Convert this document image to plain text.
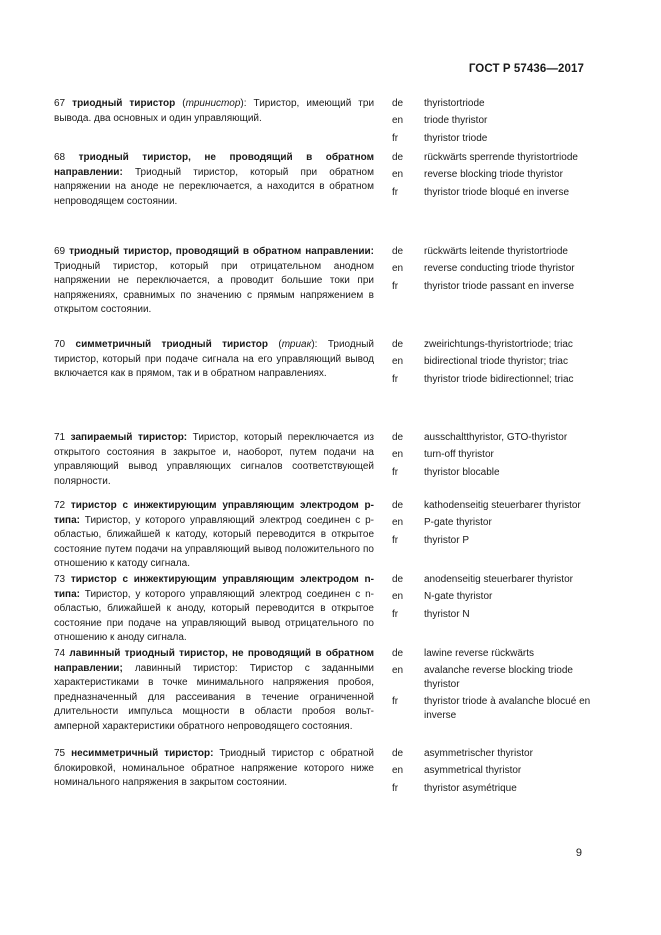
ГОСТ Р 57436—2017
67 триодный тиристор (тринистор): Тиристор, имеющий три вывода. два основных и один управляющий.
de	thyristortriode
en	triode thyristor
fr	thyristor triode
68 триодный тиристор, не проводящий в обратном направлении: Триодный тиристор, который при обратном напряжении на аноде не переключается, а находится в обратном непроводящем состоянии.
de	rückwärts sperrende thyristortriode
en	reverse blocking triode thyristor
fr	thyristor triode bloqué en inverse
69 триодный тиристор, проводящий в обратном направлении: Триодный тиристор, который при отрицательном анодном напряжении не переключается, а проводит большие токи при напряжениях, сравнимых по значению с прямым напряжением в открытом состоянии.
de	rückwärts leitende thyristortriode
en	reverse conducting triode thyristor
fr	thyristor triode passant en inverse
70 симметричный триодный тиристор (триак): Триодный тиристор, который при подаче сигнала на его управляющий вывод включается как в прямом, так и в обратном направлениях.
de	zweirichtungs-thyristortriode; triac
en	bidirectional triode thyristor; triac
fr	thyristor triode bidirectionnel; triac
71 запираемый тиристор: Тиристор, который переключается из открытого состояния в закрытое и, наоборот, путем подачи на управляющий вывод управляющих сигналов соответствующей полярности.
de	ausschaltthyristor, GTO-thyristor
en	turn-off thyristor
fr	thyristor blocable
72 тиристор с инжектирующим управляющим электродом p-типа: Тиристор, у которого управляющий электрод соединен с p-областью, ближайшей к катоду, который переводится в открытое состояние путем подачи на управляющий вывод положительного по отношению к катоду сигнала.
de	kathodenseitig steuerbarer thyristor
en	P-gate thyristor
fr	thyristor P
73 тиристор с инжектирующим управляющим электродом n-типа: Тиристор, у которого управляющий электрод соединен с n-областью, ближайшей к аноду, который переводится в открытое состояние при подаче на управляющий вывод отрицательного по отношению к аноду сигнала.
de	anodenseitig steuerbarer thyristor
en	N-gate thyristor
fr	thyristor N
74 лавинный триодный тиристор, не проводящий в обратном направлении; лавинный тиристор: Тиристор с заданными характеристиками в точке минимального напряжения пробоя, предназначенный для рассеивания в течение ограниченной длительности импульса мощности в области пробоя вольт-амперной характеристики обратного непроводящего состояния.
de	lawine reverse rückwärts
en	avalanche reverse blocking triode thyristor
fr	thyristor triode à avalanche blocué en inverse
75 несимметричный тиристор: Триодный тиристор с обратной блокировкой, номинальное обратное напряжение которого ниже номинального напряжения в закрытом состоянии.
de	asymmetrischer thyristor
en	asymmetrical thyristor
fr	thyristor asymétrique
9
